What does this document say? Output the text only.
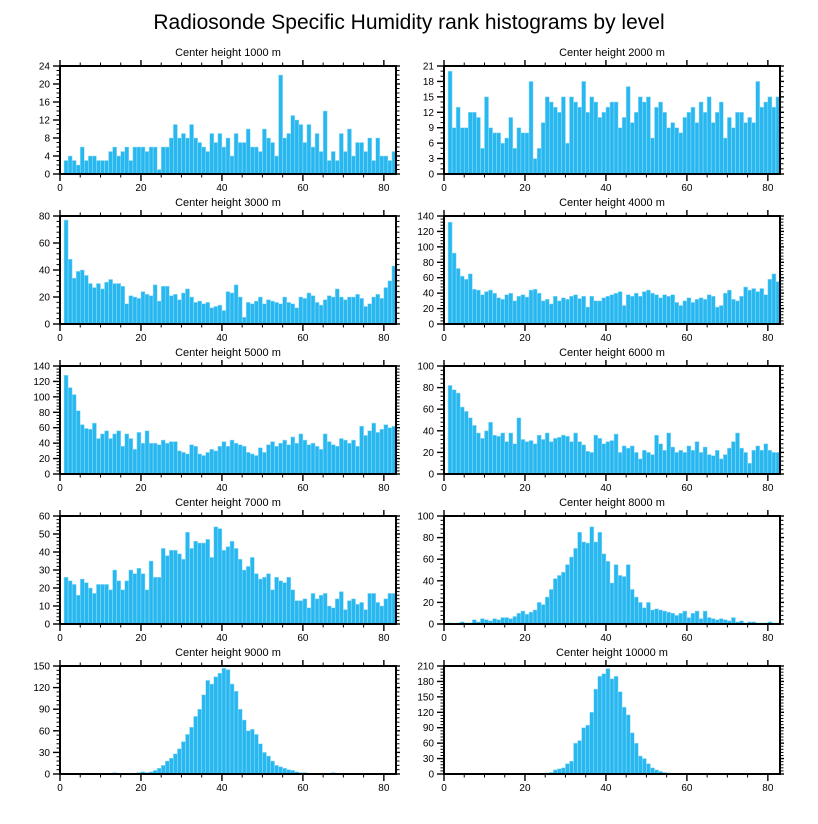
Radiosonde Specific Humidity rank histograms by level
Center height 1000 m
0	20	40	60	80
0
4
8
12
16
20
24
Center height 2000 m
0	20	40	60	80
0
3
6
9
12
15
18
21
Center height 3000 m
0	20	40	60	80
0
20
40
60
80
Center height 4000 m
0	20	40	60	80
0
20
40
60
80
100
120
140
Center height 5000 m
0	20	40	60	80
0
20
40
60
80
100
120
140
Center height 6000 m
0	20	40	60	80
0
20
40
60
80
100
Center height 7000 m
0	20	40	60	80
0
10
20
30
40
50
60
Center height 8000 m
0	20	40	60	80
0
20
40
60
80
100
Center height 9000 m
0	20	40	60	80
0
30
60
90
120
150
Center height 10000 m
0	20	40	60	80
0
30
60
90
120
150
180
210
